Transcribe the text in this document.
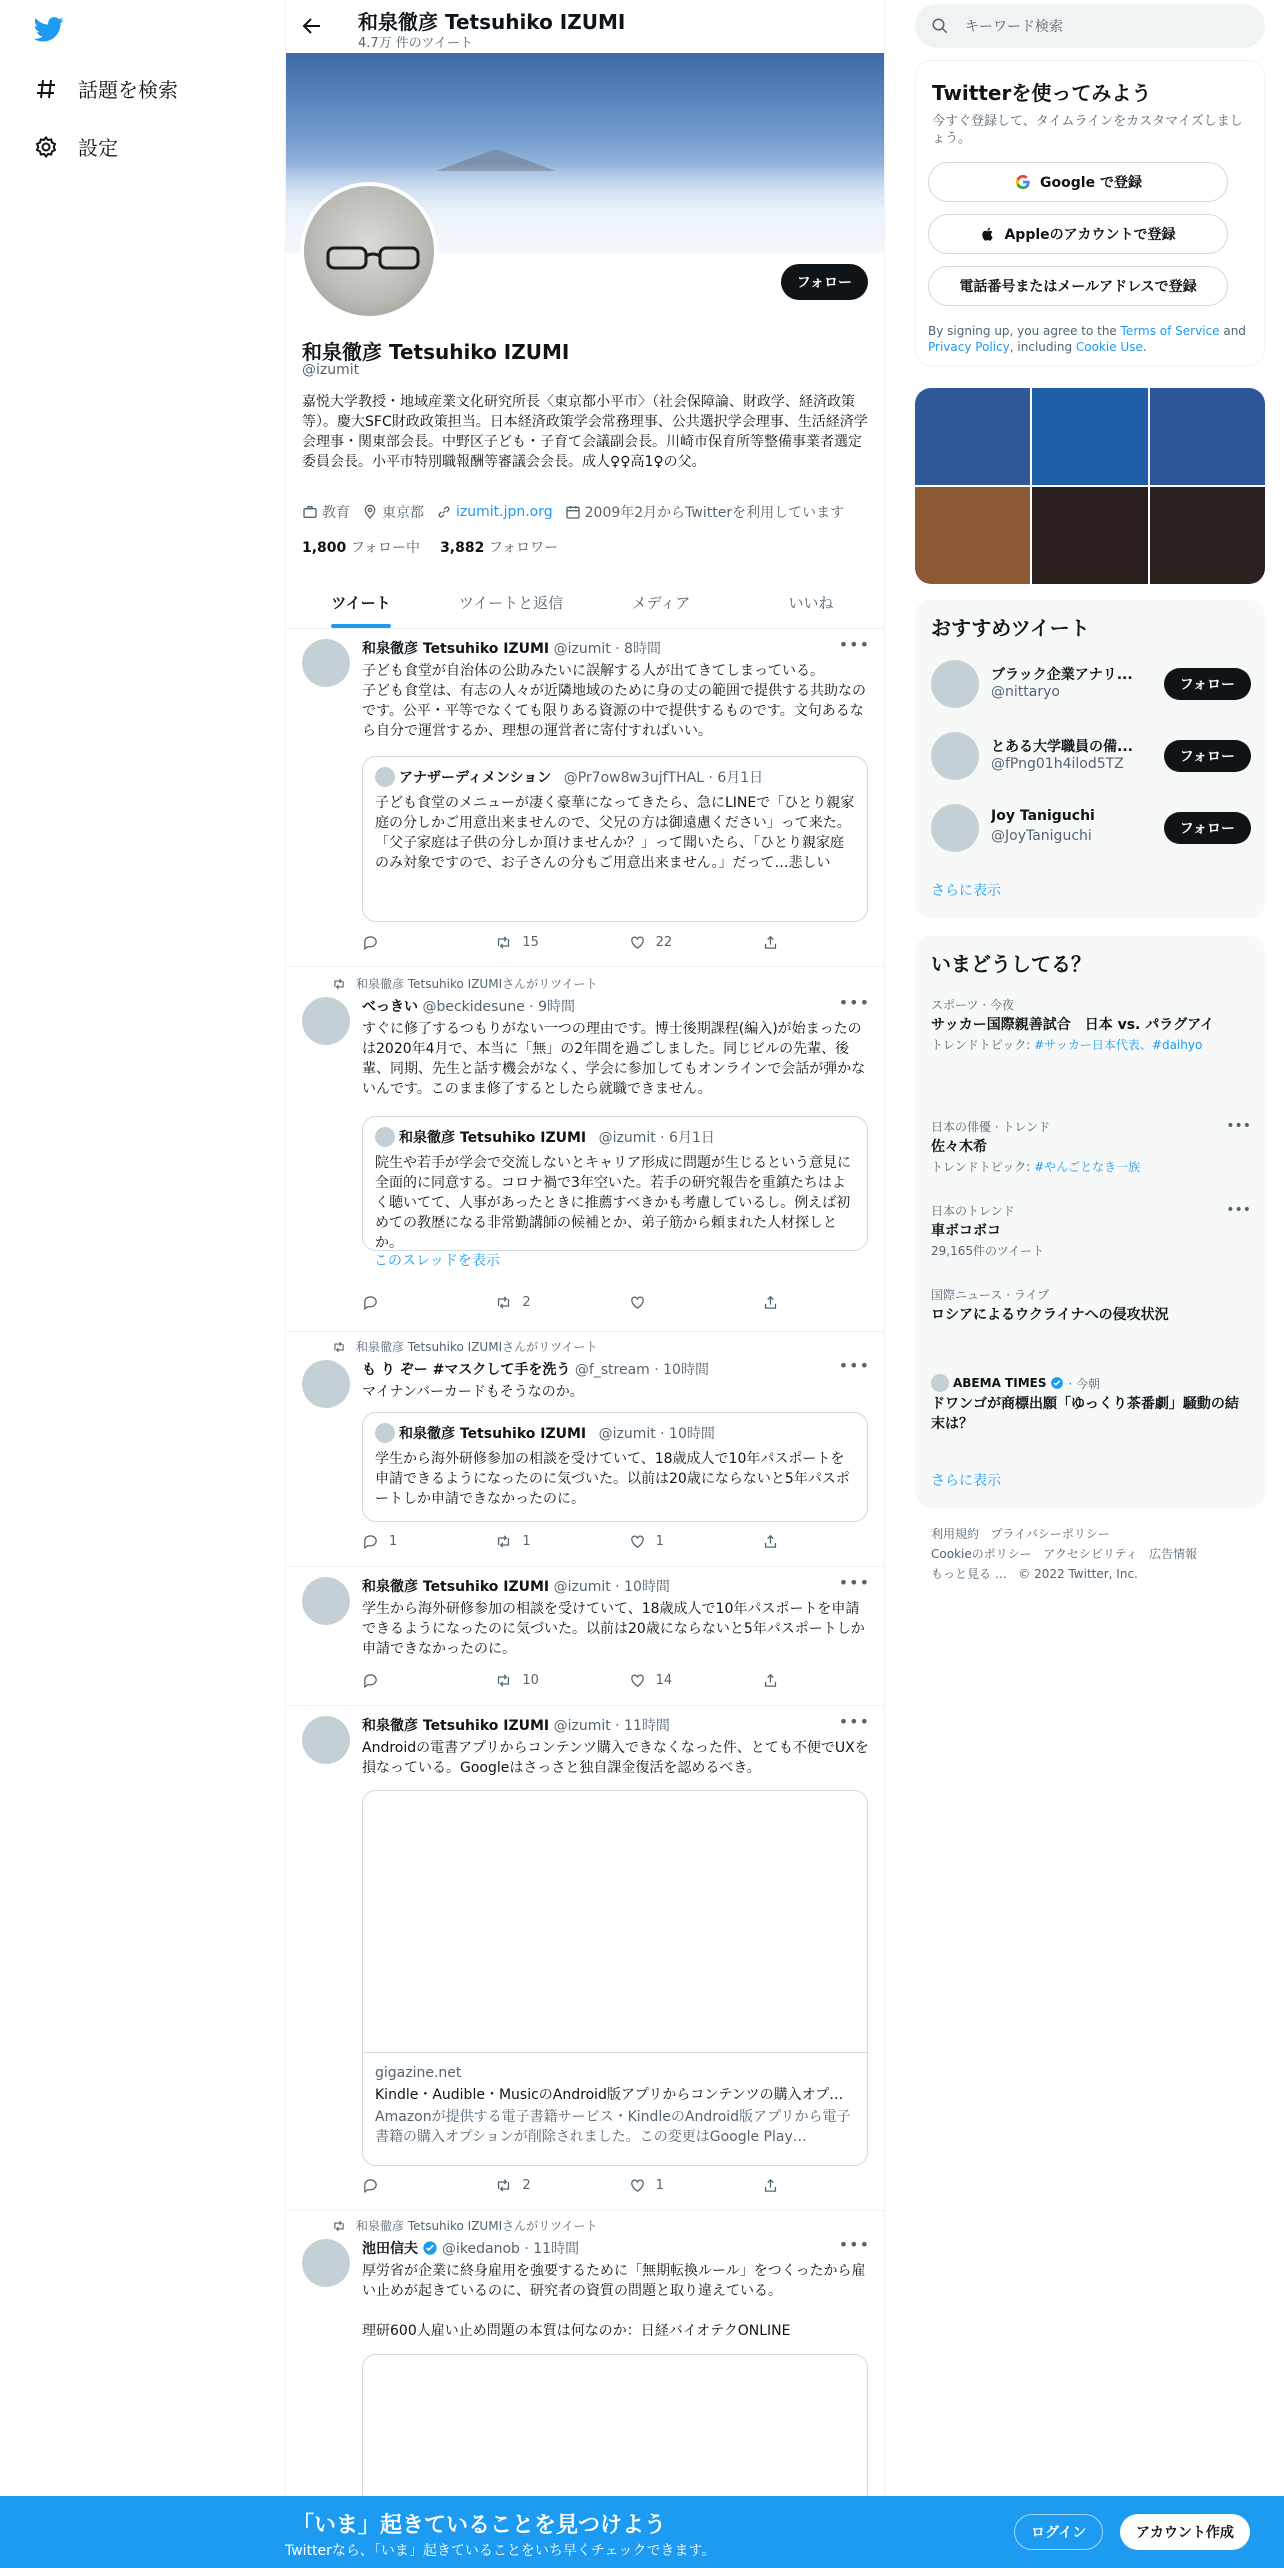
話題を検索
設定
和泉徹彦 Tetsuhiko IZUMI
4.7万 件のツイート
フォロー
和泉徹彦 Tetsuhiko IZUMI
@izumit
嘉悦大学教授・地域産業文化研究所長〈東京都小平市〉（社会保障論、財政学、経済政策等）。慶大SFC財政政策担当。日本経済政策学会常務理事、公共選択学会理事、生活経済学会理事・関東部会長。中野区子ども・子育て会議副会長。川崎市保育所等整備事業者選定委員会長。小平市特別職報酬等審議会会長。成人♀♀高1♀の父。
教育 東京都 izumit.jpn.org 2009年2月からTwitterを利用しています
1,800 フォロー中 3,882 フォロワー
ツイート	ツイートと返信	メディア	いいね
和泉徹彦 Tetsuhiko IZUMI @izumit · 8時間	•••
子ども食堂が自治体の公助みたいに誤解する人が出てきてしまっている。
子ども食堂は、有志の人々が近隣地域のために身の丈の範囲で提供する共助なのです。公平・平等でなくても限りある資源の中で提供するものです。文句あるなら自分で運営するか、理想の運営者に寄付すればいい。
アナザーディメンション
@Pr7ow8w3ujfTHAL · 6月1日
子ども食堂のメニューが凄く豪華になってきたら、急にLINEで「ひとり親家庭の分しかご用意出来ませんので、父兄の方は御遠慮ください」って来た。
「父子家庭は子供の分しか頂けませんか？」って聞いたら、「ひとり親家庭のみ対象ですので、お子さんの分もご用意出来ません。」だって…悲しい
15	22
和泉徹彦 Tetsuhiko IZUMIさんがリツイート
べっきい @beckidesune · 9時間	•••
すぐに修了するつもりがない一つの理由です。博士後期課程(編入)が始まったのは2020年4月で、本当に「無」の2年間を過ごしました。同じビルの先輩、後輩、同期、先生と話す機会がなく、学会に参加してもオンラインで会話が弾かないんです。このまま修了するとしたら就職できません。
和泉徹彦 Tetsuhiko IZUMI
@izumit · 6月1日
院生や若手が学会で交流しないとキャリア形成に問題が生じるという意見に全面的に同意する。コロナ禍で3年空いた。若手の研究報告を重鎮たちはよく聴いてて、人事があったときに推薦すべきかも考慮しているし。例えば初めての教歴になる非常勤講師の候補とか、弟子筋から頼まれた人材探しとか。
このスレッドを表示
2
和泉徹彦 Tetsuhiko IZUMIさんがリツイート
も り ぞー #マスクして手を洗う @f_stream · 10時間	•••
マイナンバーカードもそうなのか。
和泉徹彦 Tetsuhiko IZUMI
@izumit · 10時間
学生から海外研修参加の相談を受けていて、18歳成人で10年パスポートを申請できるようになったのに気づいた。以前は20歳にならないと5年パスポートしか申請できなかったのに。
1	1	1
和泉徹彦 Tetsuhiko IZUMI @izumit · 10時間	•••
学生から海外研修参加の相談を受けていて、18歳成人で10年パスポートを申請できるようになったのに気づいた。以前は20歳にならないと5年パスポートしか申請できなかったのに。
10	14
和泉徹彦 Tetsuhiko IZUMI @izumit · 11時間	•••
Androidの電書アプリからコンテンツ購入できなくなった件、とても不便でUXを損なっている。Googleはさっさと独自課金復活を認めるべき。
gigazine.net
Kindle・Audible・MusicのAndroid版アプリからコンテンツの購入オプ…
Amazonが提供する電子書籍サービス・KindleのAndroid版アプリから電子書籍の購入オプションが削除されました。この変更はGoogle Play…
2	1
和泉徹彦 Tetsuhiko IZUMIさんがリツイート
池田信夫 @ikedanob · 11時間	•••
厚労省が企業に終身雇用を強要するために「無期転換ルール」をつくったから雇い止めが起きているのに、研究者の資質の問題と取り違えている。

理研600人雇い止め問題の本質は何なのか：日経バイオテクONLINE
キーワード検索
Twitterを使ってみよう
今すぐ登録して、タイムラインをカスタマイズしましょう。
Google で登録
Appleのアカウントで登録
電話番号またはメールアドレスで登録
By signing up, you agree to the Terms of Service and Privacy Policy, including Cookie Use.
おすすめツイート
ブラック企業アナリ...
@nittaryo	フォロー
とある大学職員の備...
@fPng01h4ilod5TZ	フォロー
Joy Taniguchi
@JoyTaniguchi	フォロー
さらに表示
いまどうしてる？
スポーツ · 今夜
サッカー国際親善試合　日本 vs. パラグアイ
トレンドトピック: #サッカー日本代表、#daihyo
日本の俳優 · トレンド
佐々木希
トレンドトピック: #やんごとなき一族
•••
日本のトレンド
車ボコボコ
29,165件のツイート
•••
国際ニュース · ライブ
ロシアによるウクライナへの侵攻状況
ABEMA TIMES · 今朝
ドワンゴが商標出願「ゆっくり茶番劇」騒動の結末は？
さらに表示
利用規約 プライバシーポリシー
Cookieのポリシー アクセシビリティ 広告情報
もっと見る … © 2022 Twitter, Inc.
「いま」起きていることを見つけよう
Twitterなら、「いま」起きていることをいち早くチェックできます。
ログイン	アカウント作成
